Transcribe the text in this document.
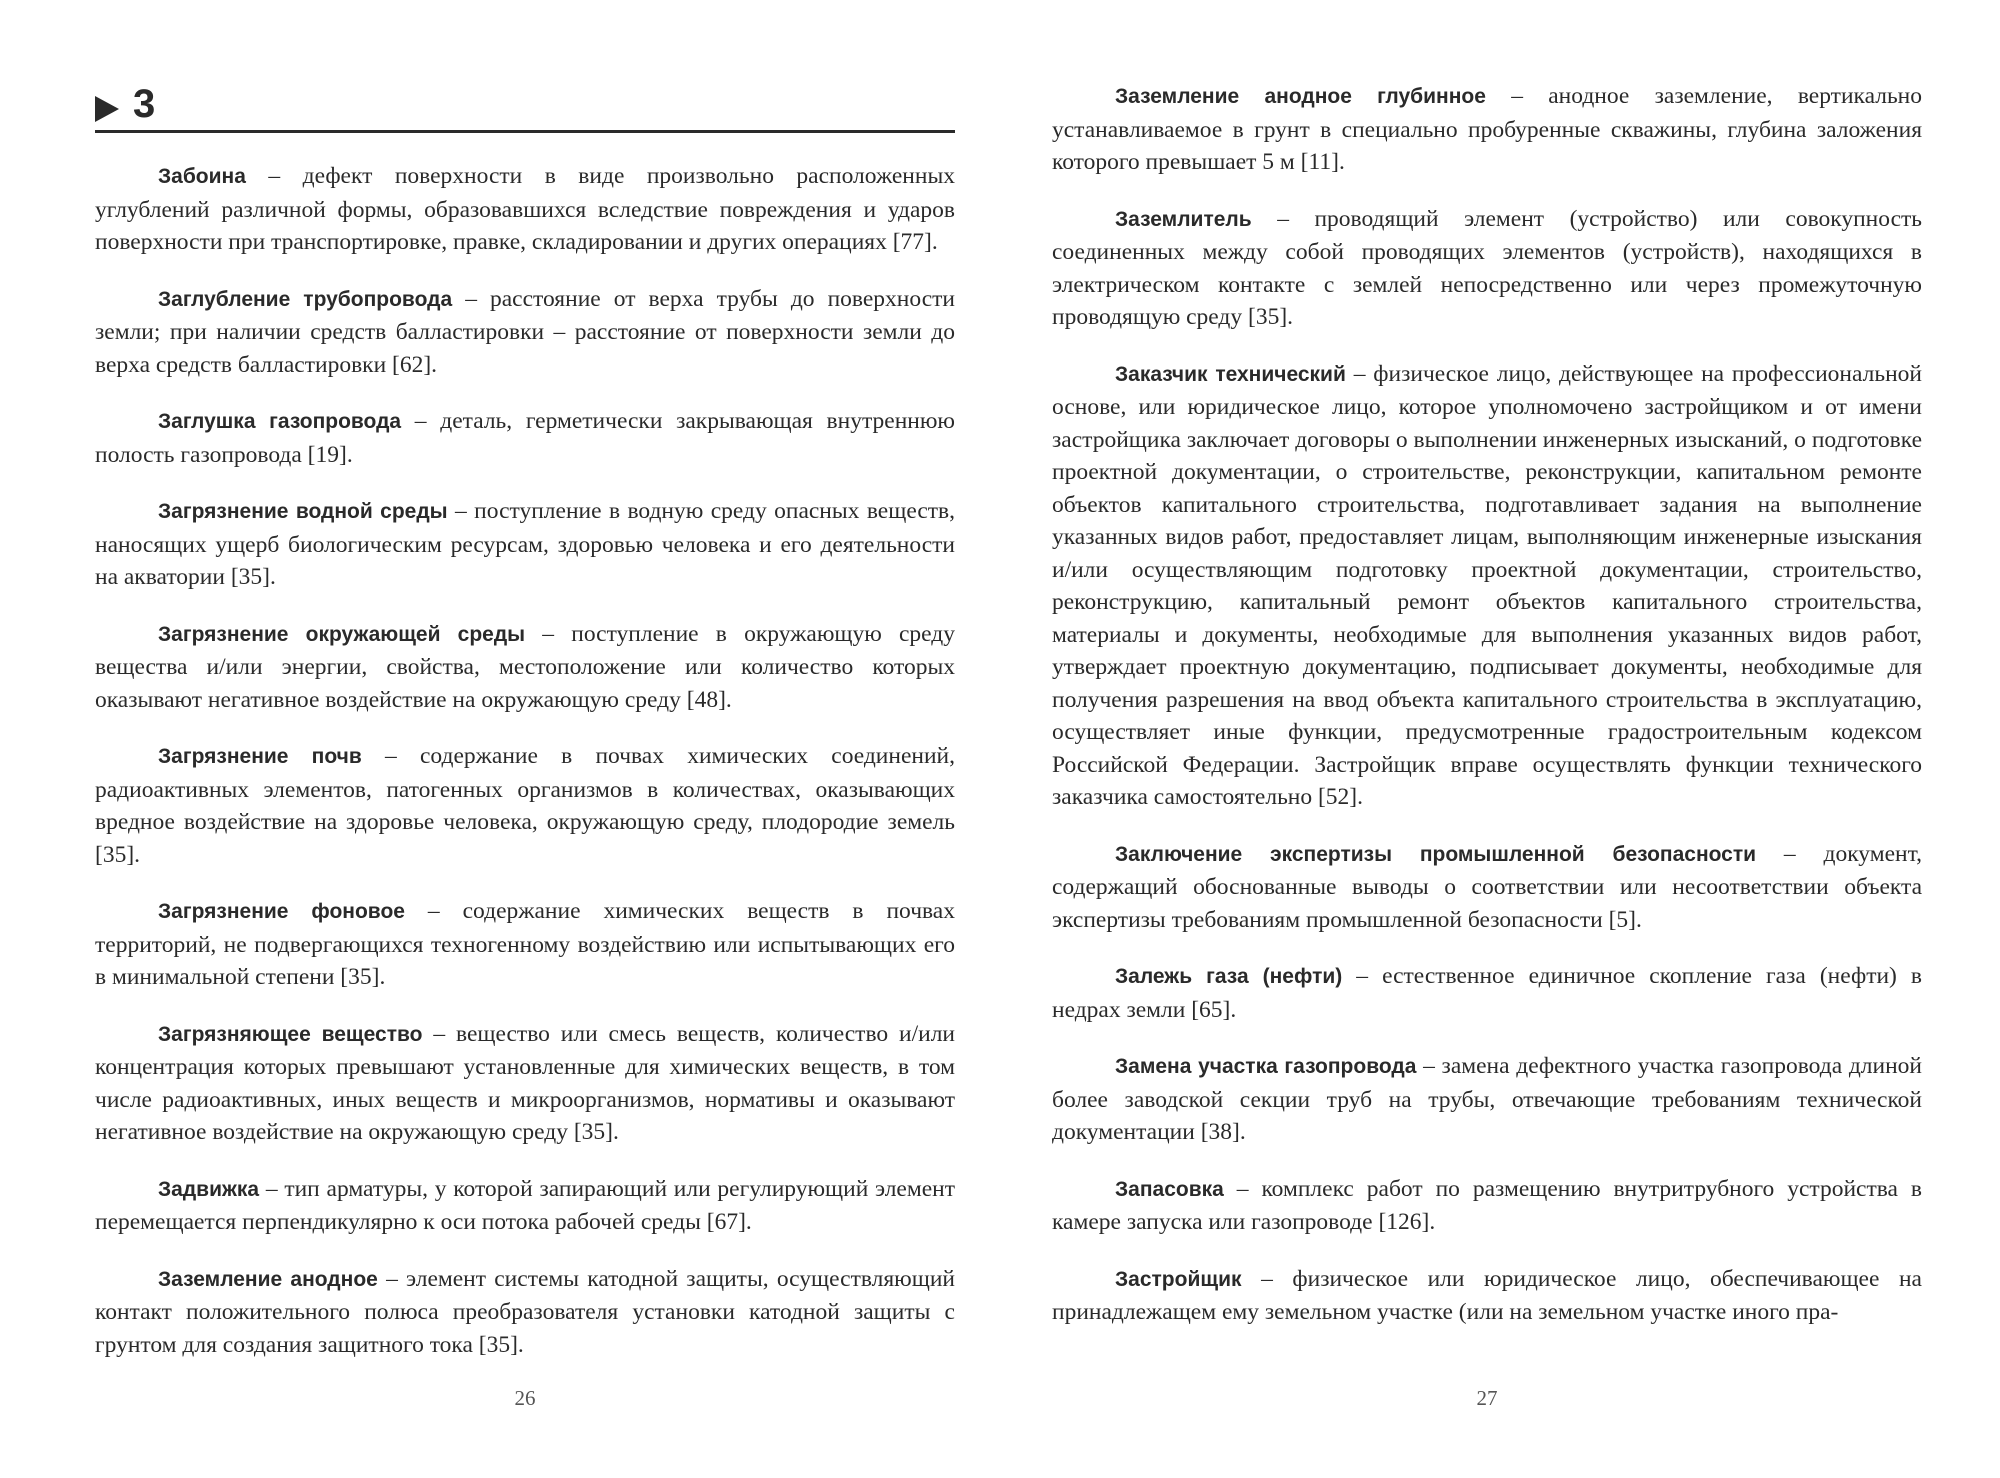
3

Забоина – дефект поверхности в виде произвольно расположенных углублений различной формы, образовавшихся вследствие повреждения и ударов поверхности при транспортировке, правке, складировании и других операциях [77].

Заглубление трубопровода – расстояние от верха трубы до поверхности земли; при наличии средств балластировки – расстояние от поверхности земли до верха средств балластировки [62].

Заглушка газопровода – деталь, герметически закрывающая внутреннюю полость газопровода [19].

Загрязнение водной среды – поступление в водную среду опасных веществ, наносящих ущерб биологическим ресурсам, здоровью человека и его деятельности на акватории [35].

Загрязнение окружающей среды – поступление в окружающую среду вещества и/или энергии, свойства, местоположение или количество которых оказывают негативное воздействие на окружающую среду [48].

Загрязнение почв – содержание в почвах химических соединений, радиоактивных элементов, патогенных организмов в количествах, оказывающих вредное воздействие на здоровье человека, окружающую среду, плодородие земель [35].

Загрязнение фоновое – содержание химических веществ в почвах территорий, не подвергающихся техногенному воздействию или испытывающих его в минимальной степени [35].

Загрязняющее вещество – вещество или смесь веществ, количество и/или концентрация которых превышают установленные для химических веществ, в том числе радиоактивных, иных веществ и микроорганизмов, нормативы и оказывают негативное воздействие на окружающую среду [35].

Задвижка – тип арматуры, у которой запирающий или регулирующий элемент перемещается перпендикулярно к оси потока рабочей среды [67].

Заземление анодное – элемент системы катодной защиты, осуществляющий контакт положительного полюса преобразователя установки катодной защиты с грунтом для создания защитного тока [35].

26

Заземление анодное глубинное – анодное заземление, вертикально устанавливаемое в грунт в специально пробуренные скважины, глубина заложения которого превышает 5 м [11].

Заземлитель – проводящий элемент (устройство) или совокупность соединенных между собой проводящих элементов (устройств), находящихся в электрическом контакте с землей непосредственно или через промежуточную проводящую среду [35].

Заказчик технический – физическое лицо, действующее на профессиональной основе, или юридическое лицо, которое уполномочено застройщиком и от имени застройщика заключает договоры о выполнении инженерных изысканий, о подготовке проектной документации, о строительстве, реконструкции, капитальном ремонте объектов капитального строительства, подготавливает задания на выполнение указанных видов работ, предоставляет лицам, выполняющим инженерные изыскания и/или осуществляющим подготовку проектной документации, строительство, реконструкцию, капитальный ремонт объектов капитального строительства, материалы и документы, необходимые для выполнения указанных видов работ, утверждает проектную документацию, подписывает документы, необходимые для получения разрешения на ввод объекта капитального строительства в эксплуатацию, осуществляет иные функции, предусмотренные градостроительным кодексом Российской Федерации. Застройщик вправе осуществлять функции технического заказчика самостоятельно [52].

Заключение экспертизы промышленной безопасности – документ, содержащий обоснованные выводы о соответствии или несоответствии объекта экспертизы требованиям промышленной безопасности [5].

Залежь газа (нефти) – естественное единичное скопление газа (нефти) в недрах земли [65].

Замена участка газопровода – замена дефектного участка газопровода длиной более заводской секции труб на трубы, отвечающие требованиям технической документации [38].

Запасовка – комплекс работ по размещению внутритрубного устройства в камере запуска или газопроводе [126].

Застройщик – физическое или юридическое лицо, обеспечивающее на принадлежащем ему земельном участке (или на земельном участке иного пра-

27
